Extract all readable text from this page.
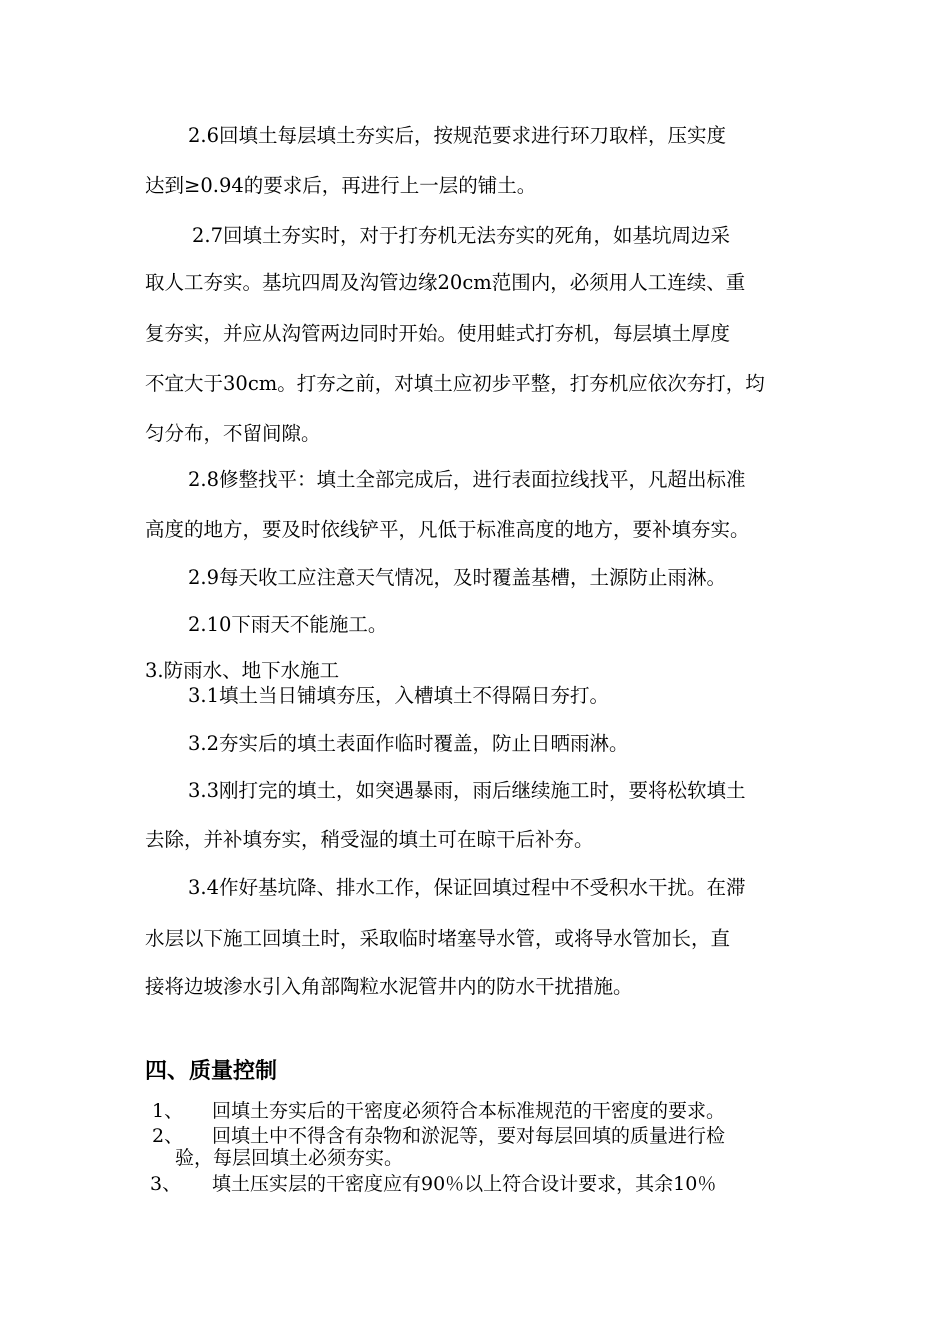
2.6回填土每层填土夯实后，按规范要求进行环刀取样，压实度
达到≥0.94的要求后，再进行上一层的铺土。
2.7回填土夯实时，对于打夯机无法夯实的死角，如基坑周边采
取人工夯实。基坑四周及沟管边缘20cm范围内，必须用人工连续、重
复夯实，并应从沟管两边同时开始。使用蛙式打夯机，每层填土厚度
不宜大于30cm。打夯之前，对填土应初步平整，打夯机应依次夯打，均
匀分布，不留间隙。
2.8修整找平：填土全部完成后，进行表面拉线找平，凡超出标准
高度的地方，要及时依线铲平，凡低于标准高度的地方，要补填夯实。
2.9每天收工应注意天气情况，及时覆盖基槽，土源防止雨淋。
2.10下雨天不能施工。
3.防雨水、地下水施工
3.1填土当日铺填夯压，入槽填土不得隔日夯打。
3.2夯实后的填土表面作临时覆盖，防止日晒雨淋。
3.3刚打完的填土，如突遇暴雨，雨后继续施工时，要将松软填土
去除，并补填夯实，稍受湿的填土可在晾干后补夯。
3.4作好基坑降、排水工作，保证回填过程中不受积水干扰。在滞
水层以下施工回填土时，采取临时堵塞导水管，或将导水管加长，直
接将边坡渗水引入角部陶粒水泥管井内的防水干扰措施。
四、质量控制
1、 回填土夯实后的干密度必须符合本标准规范的干密度的要求。
2、 回填土中不得含有杂物和淤泥等，要对每层回填的质量进行检
验，每层回填土必须夯实。
3、 填土压实层的干密度应有90％以上符合设计要求，其余10％
